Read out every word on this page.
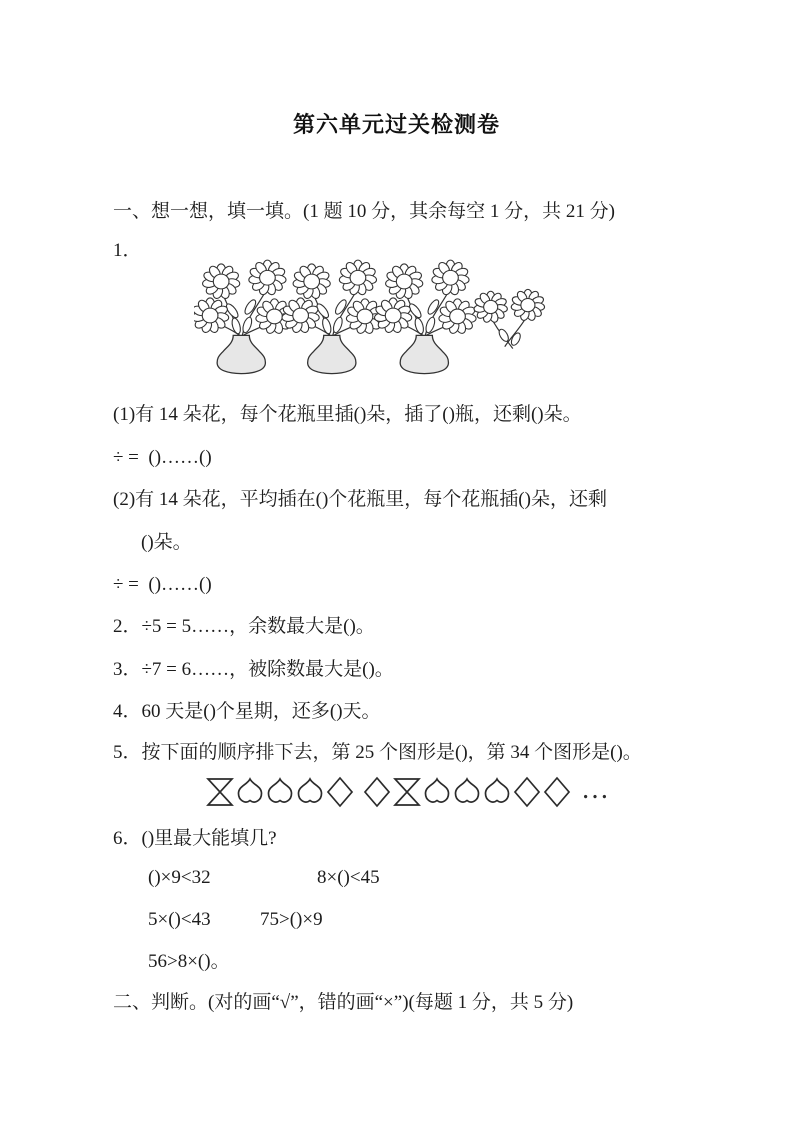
第六单元过关检测卷
一、想一想，填一填。(1 题 10 分，其余每空 1 分，共 21 分)
1．
(1)有 14 朵花，每个花瓶里插()朵，插了()瓶，还剩()朵。
÷ =  ()……()
(2)有 14 朵花，平均插在()个花瓶里，每个花瓶插()朵，还剩
()朵。
÷ =  ()……()
2．÷5 = 5……，余数最大是()。
3．÷7 = 6……，被除数最大是()。
4．60 天是()个星期，还多()天。
5．按下面的顺序排下去，第 25 个图形是()，第 34 个图形是()。
…
6．()里最大能填几?
()×9<32	8×()<45
5×()<43	75>()×9
56>8×()。
二、判断。(对的画“√”，错的画“×”)(每题 1 分，共 5 分)
